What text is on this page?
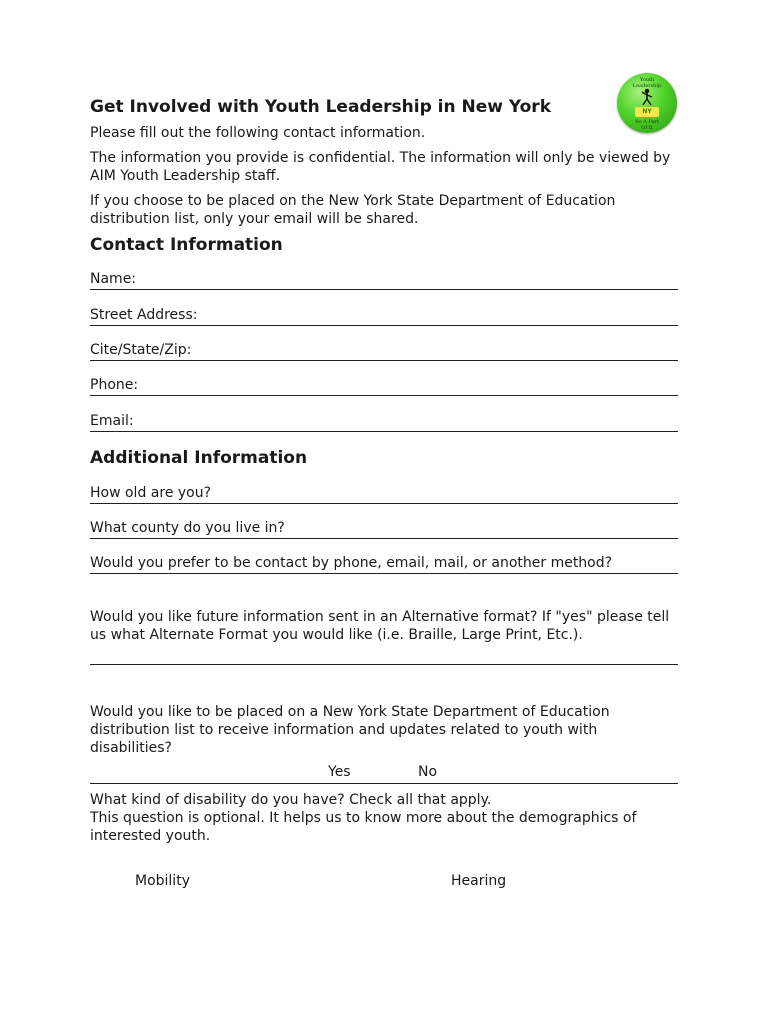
Youth
Leadership
NY
Be A Part
Of It
Get Involved with Youth Leadership in New York
Please fill out the following contact information.
The information you provide is confidential. The information will only be viewed by AIM Youth Leadership staff.
If you choose to be placed on the New York State Department of Education distribution list, only your email will be shared.
Contact Information
Name:
Street Address:
Cite/State/Zip:
Phone:
Email:
Additional Information
How old are you?
What county do you live in?
Would you prefer to be contact by phone, email, mail, or another method?
Would you like future information sent in an Alternative format? If "yes" please tell us what Alternate Format you would like (i.e. Braille, Large Print, Etc.).
Would you like to be placed on a New York State Department of Education distribution list to receive information and updates related to youth with disabilities?
Yes	No
What kind of disability do you have? Check all that apply.
This question is optional. It helps us to know more about the demographics of interested youth.
Mobility	Hearing
